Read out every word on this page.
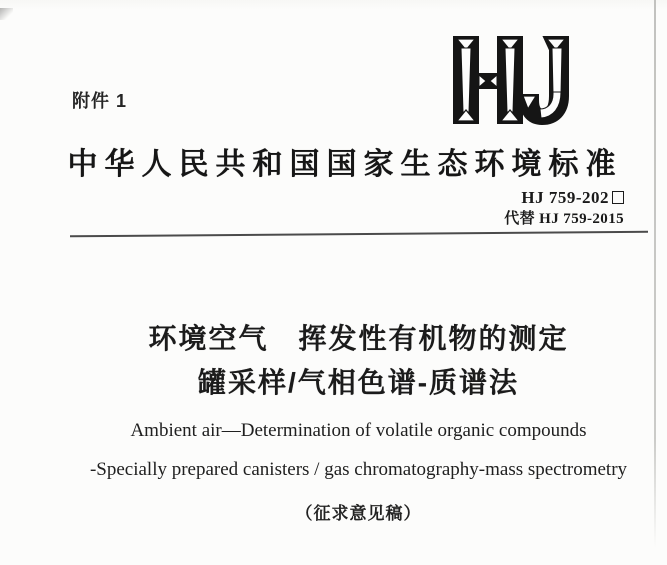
附件 1
中华人民共和国国家生态环境标准
HJ 759-202
代替 HJ 759-2015
环境空气　挥发性有机物的测定
罐采样/气相色谱-质谱法
Ambient air—Determination of volatile organic compounds
-Specially prepared canisters / gas chromatography-mass spectrometry
（征求意见稿）
